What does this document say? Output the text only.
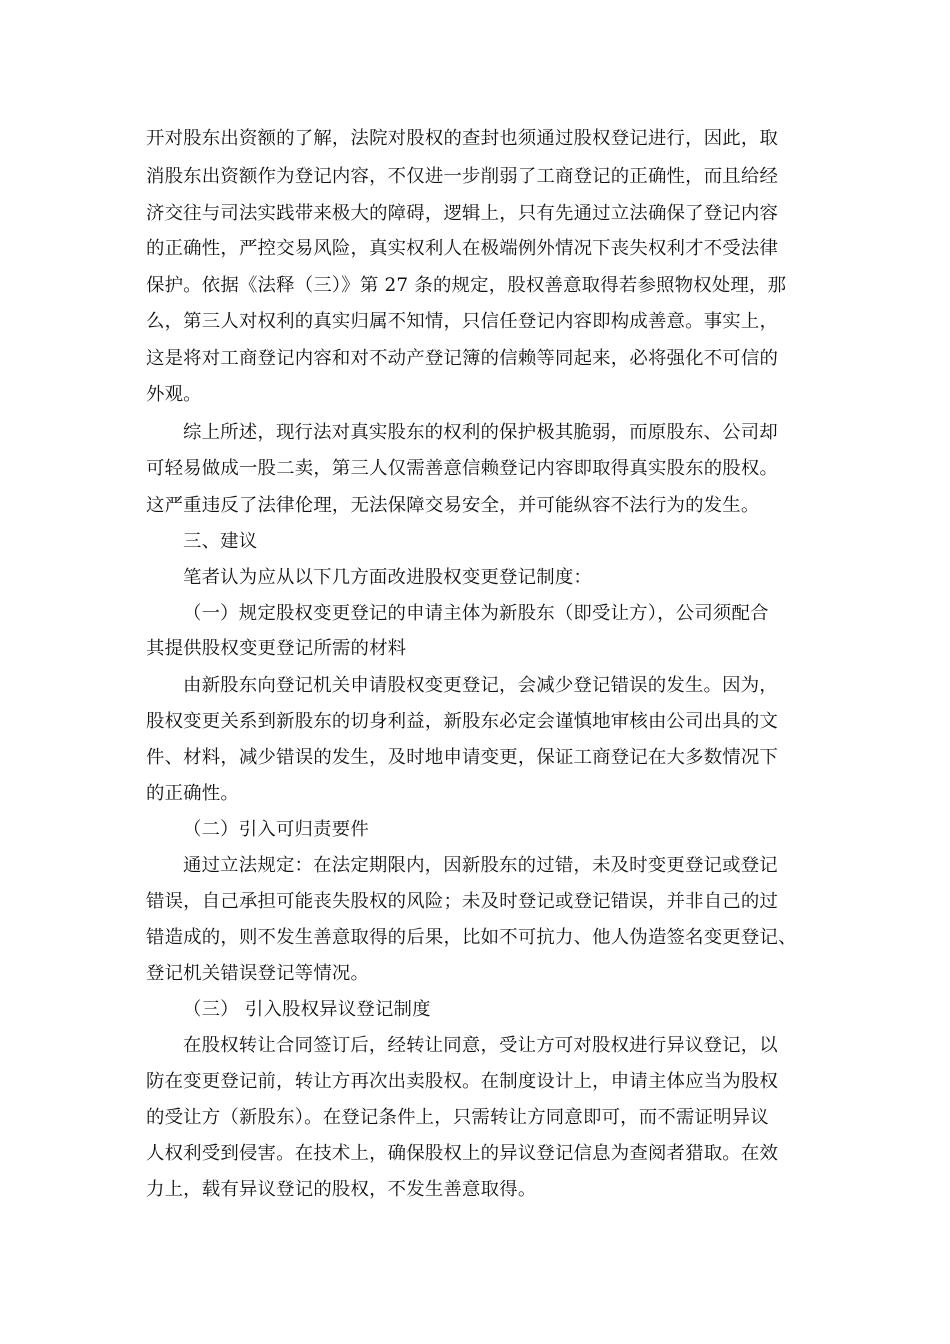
开对股东出资额的了解，法院对股权的查封也须通过股权登记进行，因此，取
消股东出资额作为登记内容，不仅进一步削弱了工商登记的正确性，而且给经
济交往与司法实践带来极大的障碍，逻辑上，只有先通过立法确保了登记内容
的正确性，严控交易风险，真实权利人在极端例外情况下丧失权利才不受法律
保护。依据《法释（三）》第 27 条的规定，股权善意取得若参照物权处理，那
么，第三人对权利的真实归属不知情，只信任登记内容即构成善意。事实上，
这是将对工商登记内容和对不动产登记簿的信赖等同起来，必将强化不可信的
外观。
综上所述，现行法对真实股东的权利的保护极其脆弱，而原股东、公司却
可轻易做成一股二卖，第三人仅需善意信赖登记内容即取得真实股东的股权。
这严重违反了法律伦理，无法保障交易安全，并可能纵容不法行为的发生。
三、建议
笔者认为应从以下几方面改进股权变更登记制度：
（一）规定股权变更登记的申请主体为新股东（即受让方），公司须配合
其提供股权变更登记所需的材料
由新股东向登记机关申请股权变更登记，会减少登记错误的发生。因为，
股权变更关系到新股东的切身利益，新股东必定会谨慎地审核由公司出具的文
件、材料，减少错误的发生，及时地申请变更，保证工商登记在大多数情况下
的正确性。
（二）引入可归责要件
通过立法规定：在法定期限内，因新股东的过错，未及时变更登记或登记
错误，自己承担可能丧失股权的风险；未及时登记或登记错误，并非自己的过
错造成的，则不发生善意取得的后果，比如不可抗力、他人伪造签名变更登记、
登记机关错误登记等情况。
（三） 引入股权异议登记制度
在股权转让合同签订后，经转让同意，受让方可对股权进行异议登记，以
防在变更登记前，转让方再次出卖股权。在制度设计上，申请主体应当为股权
的受让方（新股东）。在登记条件上，只需转让方同意即可，而不需证明异议
人权利受到侵害。在技术上，确保股权上的异议登记信息为查阅者猎取。在效
力上，载有异议登记的股权，不发生善意取得。
